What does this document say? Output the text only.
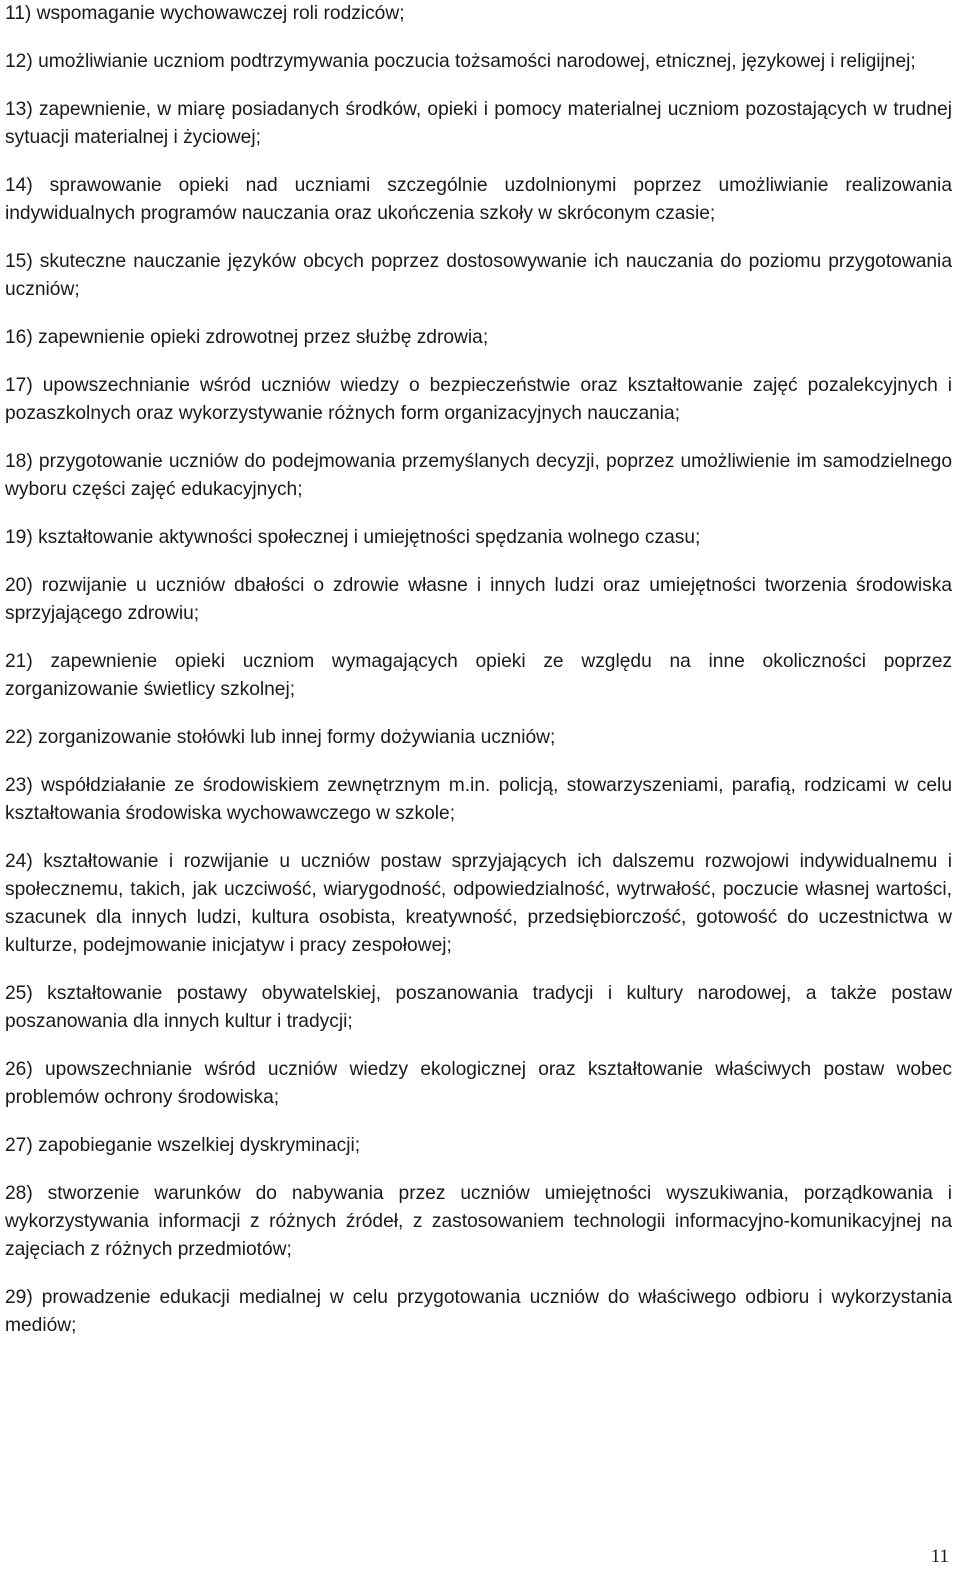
11) wspomaganie wychowawczej roli rodziców;
12) umożliwianie uczniom podtrzymywania poczucia tożsamości narodowej, etnicznej, językowej i religijnej;
13) zapewnienie, w miarę posiadanych środków, opieki i pomocy materialnej uczniom pozostających w trudnej sytuacji materialnej i życiowej;
14) sprawowanie opieki nad uczniami szczególnie uzdolnionymi poprzez umożliwianie realizowania indywidualnych programów nauczania oraz ukończenia szkoły w skróconym czasie;
15) skuteczne nauczanie języków obcych poprzez dostosowywanie ich nauczania do poziomu przygotowania uczniów;
16) zapewnienie opieki zdrowotnej przez służbę zdrowia;
17) upowszechnianie wśród uczniów wiedzy o bezpieczeństwie oraz kształtowanie zajęć pozalekcyjnych i pozaszkolnych oraz wykorzystywanie różnych form organizacyjnych nauczania;
18) przygotowanie uczniów do podejmowania przemyślanych decyzji, poprzez umożliwienie im samodzielnego wyboru części zajęć edukacyjnych;
19) kształtowanie aktywności społecznej i umiejętności spędzania wolnego czasu;
20) rozwijanie u uczniów dbałości o zdrowie własne i innych ludzi oraz umiejętności tworzenia środowiska sprzyjającego zdrowiu;
21) zapewnienie opieki uczniom wymagających opieki ze względu na inne okoliczności poprzez zorganizowanie świetlicy szkolnej;
22) zorganizowanie stołówki lub innej formy dożywiania uczniów;
23) współdziałanie ze środowiskiem zewnętrznym m.in. policją, stowarzyszeniami, parafią, rodzicami w celu kształtowania środowiska wychowawczego w szkole;
24) kształtowanie i rozwijanie u uczniów postaw sprzyjających ich dalszemu rozwojowi indywidualnemu i społecznemu, takich, jak uczciwość, wiarygodność, odpowiedzialność, wytrwałość, poczucie własnej wartości, szacunek dla innych ludzi, kultura osobista, kreatywność, przedsiębiorczość, gotowość do uczestnictwa w kulturze, podejmowanie inicjatyw i pracy zespołowej;
25) kształtowanie postawy obywatelskiej, poszanowania tradycji i kultury narodowej, a także postaw poszanowania dla innych kultur i tradycji;
26) upowszechnianie wśród uczniów wiedzy ekologicznej oraz kształtowanie właściwych postaw wobec problemów ochrony środowiska;
27) zapobieganie wszelkiej dyskryminacji;
28) stworzenie warunków do nabywania przez uczniów umiejętności wyszukiwania, porządkowania i wykorzystywania informacji z różnych źródeł, z zastosowaniem technologii informacyjno-komunikacyjnej na zajęciach z różnych przedmiotów;
29) prowadzenie edukacji medialnej w celu przygotowania uczniów do właściwego odbioru i wykorzystania mediów;
11
